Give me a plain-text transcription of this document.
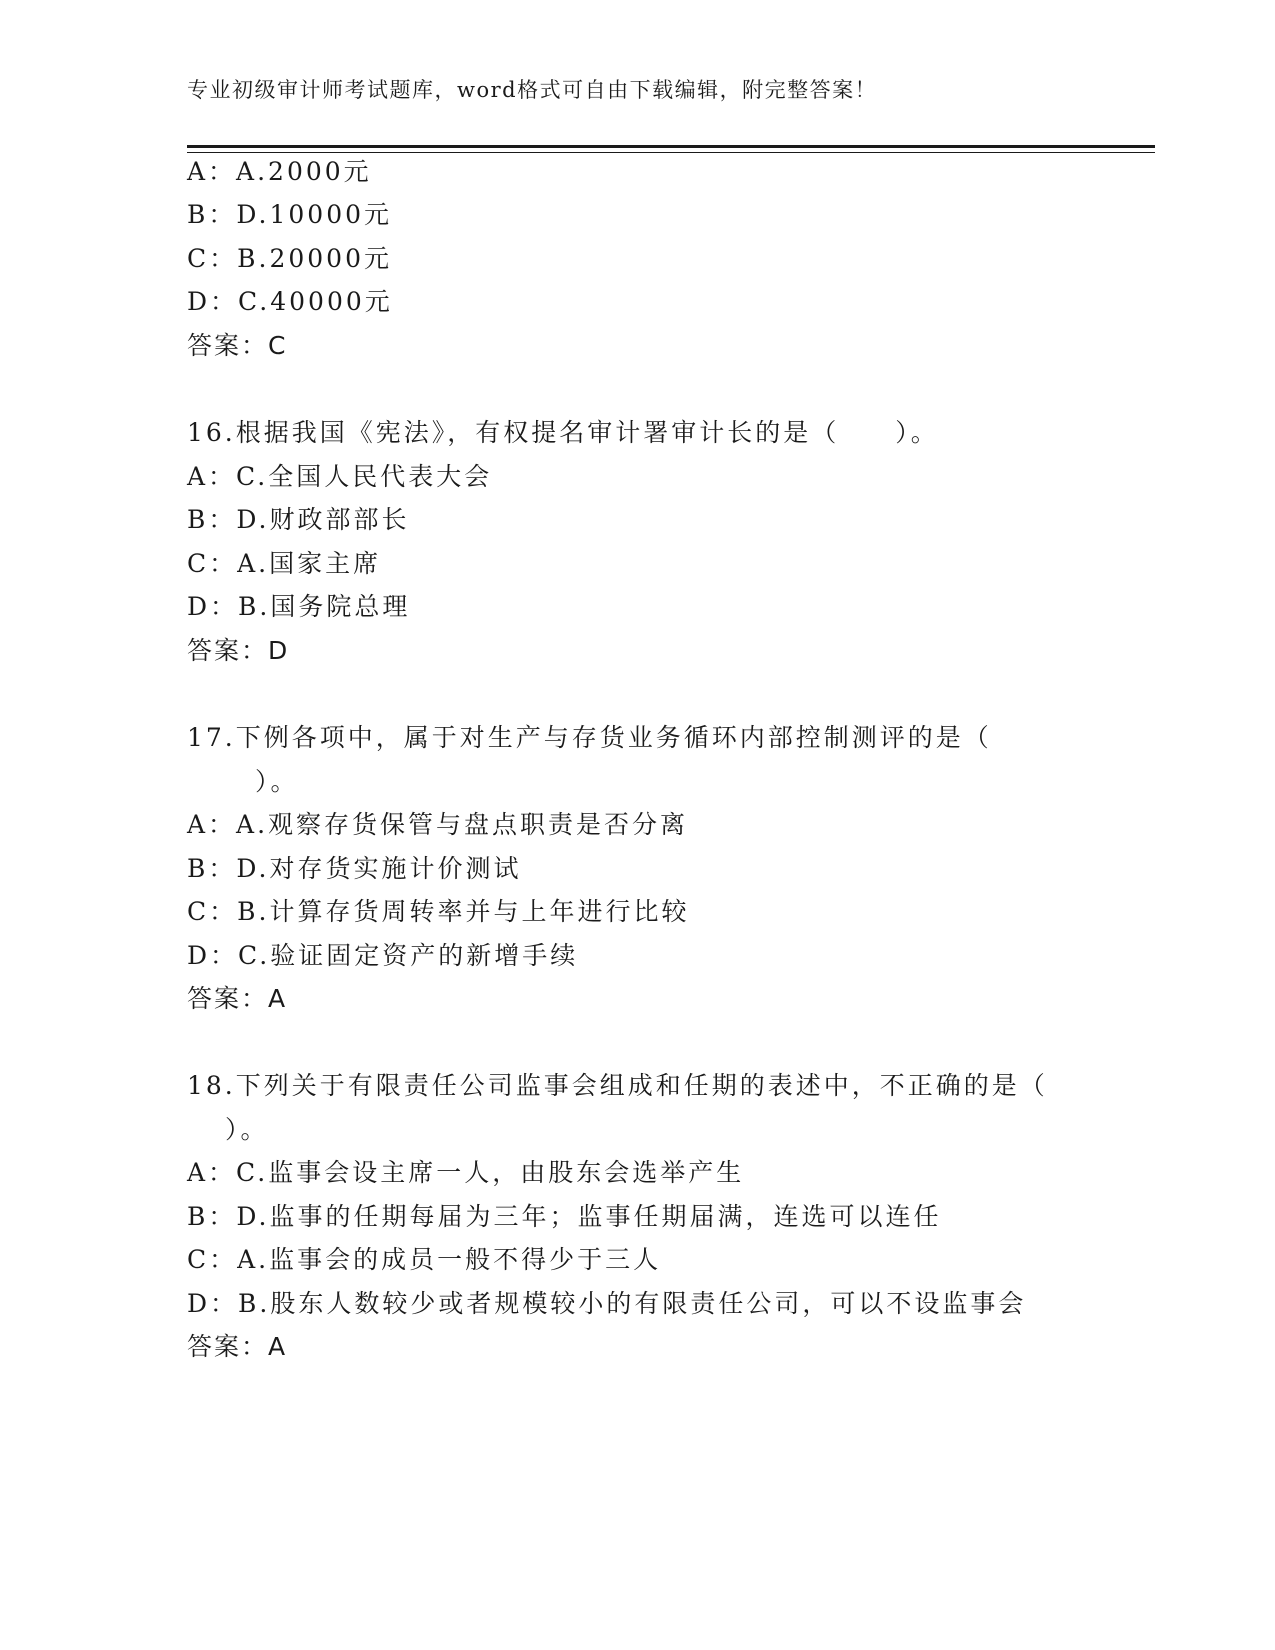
专业初级审计师考试题库，word格式可自由下载编辑，附完整答案！
A：A.2000元
B：D.10000元
C：B.20000元
D：C.40000元
答案：C
16.根据我国《宪法》，有权提名审计署审计长的是（　　）。
A：C.全国人民代表大会
B：D.财政部部长
C：A.国家主席
D：B.国务院总理
答案：D
17.下例各项中，属于对生产与存货业务循环内部控制测评的是（
）。
A：A.观察存货保管与盘点职责是否分离
B：D.对存货实施计价测试
C：B.计算存货周转率并与上年进行比较
D：C.验证固定资产的新增手续
答案：A
18.下列关于有限责任公司监事会组成和任期的表述中，不正确的是（
）。
A：C.监事会设主席一人，由股东会选举产生
B：D.监事的任期每届为三年；监事任期届满，连选可以连任
C：A.监事会的成员一般不得少于三人
D：B.股东人数较少或者规模较小的有限责任公司，可以不设监事会
答案：A
